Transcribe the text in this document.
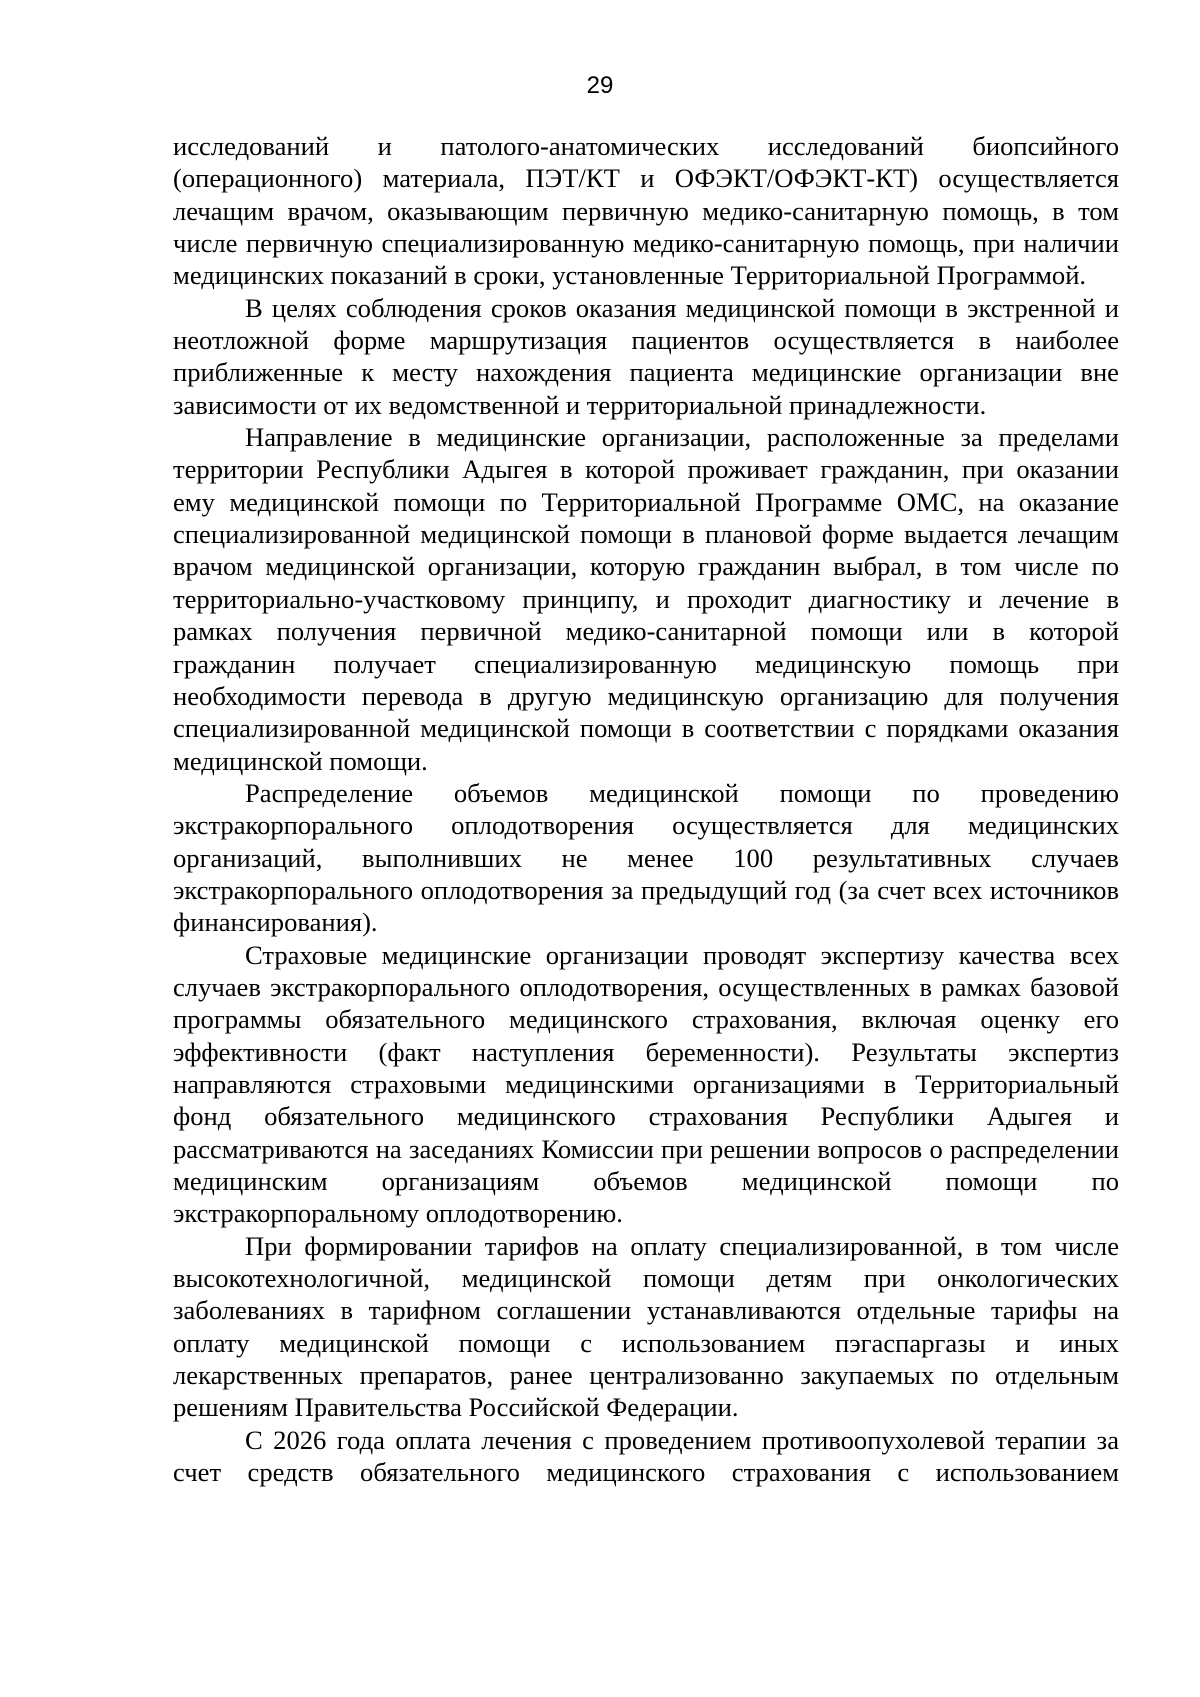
29

исследований и патолого-анатомических исследований биопсийного (операционного) материала, ПЭТ/КТ и ОФЭКТ/ОФЭКТ-КТ) осуществляется лечащим врачом, оказывающим первичную медико-санитарную помощь, в том числе первичную специализированную медико-санитарную помощь, при наличии медицинских показаний в сроки, установленные Территориальной Программой.

В целях соблюдения сроков оказания медицинской помощи в экстренной и неотложной форме маршрутизация пациентов осуществляется в наиболее приближенные к месту нахождения пациента медицинские организации вне зависимости от их ведомственной и территориальной принадлежности.

Направление в медицинские организации, расположенные за пределами территории Республики Адыгея в которой проживает гражданин, при оказании ему медицинской помощи по Территориальной Программе ОМС, на оказание специализированной медицинской помощи в плановой форме выдается лечащим врачом медицинской организации, которую гражданин выбрал, в том числе по территориально-участковому принципу, и проходит диагностику и лечение в рамках получения первичной медико-санитарной помощи или в которой гражданин получает специализированную медицинскую помощь при необходимости перевода в другую медицинскую организацию для получения специализированной медицинской помощи в соответствии с порядками оказания медицинской помощи.

Распределение объемов медицинской помощи по проведению экстракорпорального оплодотворения осуществляется для медицинских организаций, выполнивших не менее 100 результативных случаев экстракорпорального оплодотворения за предыдущий год (за счет всех источников финансирования).

Страховые медицинские организации проводят экспертизу качества всех случаев экстракорпорального оплодотворения, осуществленных в рамках базовой программы обязательного медицинского страхования, включая оценку его эффективности (факт наступления беременности). Результаты экспертиз направляются страховыми медицинскими организациями в Территориальный фонд обязательного медицинского страхования Республики Адыгея и рассматриваются на заседаниях Комиссии при решении вопросов о распределении медицинским организациям объемов медицинской помощи по экстракорпоральному оплодотворению.

При формировании тарифов на оплату специализированной, в том числе высокотехнологичной, медицинской помощи детям при онкологических заболеваниях в тарифном соглашении устанавливаются отдельные тарифы на оплату медицинской помощи с использованием пэгаспаргазы и иных лекарственных препаратов, ранее централизованно закупаемых по отдельным решениям Правительства Российской Федерации.

С 2026 года оплата лечения с проведением противоопухолевой терапии за счет средств обязательного медицинского страхования с использованием
